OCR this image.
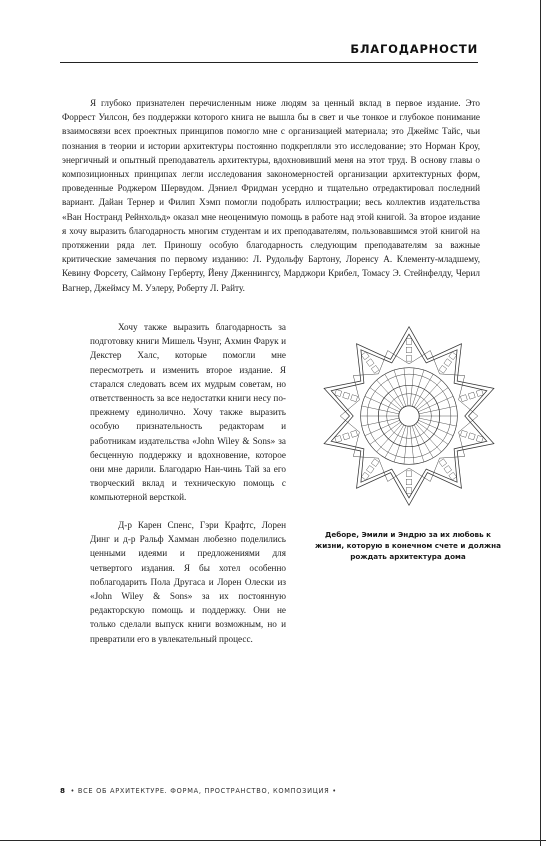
БЛАГОДАРНОСТИ

Я глубоко признателен перечисленным ниже людям за ценный вклад в первое издание. Это Форрест Уилсон, без поддержки которого книга не вышла бы в свет и чье тонкое и глубокое понимание взаимосвязи всех проектных принципов помогло мне с организацией материала; это Джеймс Тайс, чьи познания в теории и истории архитектуры постоянно подкрепляли это исследование; это Норман Кроу, энергичный и опытный преподаватель архитектуры, вдохновивший меня на этот труд. В основу главы о композиционных принципах легли исследования закономерностей организации архитектурных форм, проведенные Роджером Шервудом. Дэниел Фридман усердно и тщательно отредактировал последний вариант. Дайан Тернер и Филип Хэмп помогли подобрать иллюстрации; весь коллектив издательства «Ван Ностранд Рейнхольд» оказал мне неоценимую помощь в работе над этой книгой. За второе издание я хочу выразить благодарность многим студентам и их преподавателям, пользовавшимся этой книгой на протяжении ряда лет. Приношу особую благодарность следующим преподавателям за важные критические замечания по первому изданию: Л. Рудольфу Бартону, Лоренсу А. Клементу-младшему, Кевину Форсету, Саймону Герберту, Йену Дженнингсу, Марджори Крибел, Томасу Э. Стейнфелду, Черил Вагнер, Джеймсу М. Уэлеру, Роберту Л. Райту.

Хочу также выразить благодарность за подготовку книги Мишель Чэунг, Ахмин Фарук и Декстер Халс, которые помогли мне пересмотреть и изменить второе издание. Я старался следовать всем их мудрым советам, но ответственность за все недостатки книги несу по-прежнему единолично. Хочу также выразить особую признательность редакторам и работникам издательства «John Wiley & Sons» за бесценную поддержку и вдохновение, которое они мне дарили. Благодарю Нан-чинь Тай за его творческий вклад и техническую помощь с компьютерной версткой.

Д-р Карен Спенс, Гэри Крафтс, Лорен Динг и д-р Ральф Хамман любезно поделились ценными идеями и предложениями для четвертого издания. Я бы хотел особенно поблагодарить Пола Другаса и Лорен Олески из «John Wiley & Sons» за их постоянную редакторскую помощь и поддержку. Они не только сделали выпуск книги возможным, но и превратили его в увлекательный процесс.

Деборе, Эмили и Эндрю за их любовь к жизни, которую в конечном счете и должна рождать архитектура дома

8 • ВСЕ ОБ АРХИТЕКТУРЕ. ФОРМА, ПРОСТРАНСТВО, КОМПОЗИЦИЯ •
